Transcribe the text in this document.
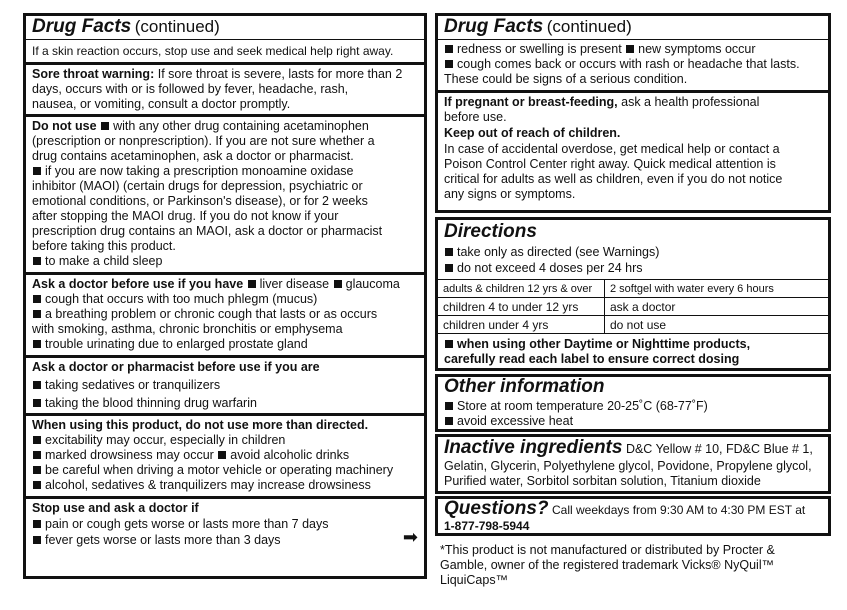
Drug Facts (continued)
If a skin reaction occurs, stop use and seek medical help right away.
Sore throat warning: If sore throat is severe, lasts for more than 2
days, occurs with or is followed by fever, headache, rash,
nausea, or vomiting, consult a doctor promptly.
Do not use with any other drug containing acetaminophen
(prescription or nonprescription). If you are not sure whether a
drug contains acetaminophen, ask a doctor or pharmacist.
if you are now taking a prescription monoamine oxidase
inhibitor (MAOI) (certain drugs for depression, psychiatric or
emotional conditions, or Parkinson's disease), or for 2 weeks
after stopping the MAOI drug. If you do not know if your
prescription drug contains an MAOI, ask a doctor or pharmacist
before taking this product.
to make a child sleep
Ask a doctor before use if you have liver disease glaucoma
cough that occurs with too much phlegm (mucus)
a breathing problem or chronic cough that lasts or as occurs
with smoking, asthma, chronic bronchitis or emphysema
trouble urinating due to enlarged prostate gland
Ask a doctor or pharmacist before use if you are
taking sedatives or tranquilizers
taking the blood thinning drug warfarin
When using this product, do not use more than directed.
excitability may occur, especially in children
marked drowsiness may occur avoid alcoholic drinks
be careful when driving a motor vehicle or operating machinery
alcohol, sedatives & tranquilizers may increase drowsiness
Stop use and ask a doctor if
pain or cough gets worse or lasts more than 7 days
fever gets worse or lasts more than 3 days	➡
Drug Facts (continued)
redness or swelling is present new symptoms occur
cough comes back or occurs with rash or headache that lasts.
These could be signs of a serious condition.
If pregnant or breast-feeding, ask a health professional
before use.
Keep out of reach of children.
In case of accidental overdose, get medical help or contact a
Poison Control Center right away. Quick medical attention is
critical for adults as well as children, even if you do not notice
any signs or symptoms.
Directions
take only as directed (see Warnings)
do not exceed 4 doses per 24 hrs
adults & children 12 yrs & over 2 softgel with water every 6 hours
children 4 to under 12 yrs	ask a doctor
children under 4 yrs	do not use
when using other Daytime or Nighttime products,
carefully read each label to ensure correct dosing
Other information
Store at room temperature 20-25˚C (68-77˚F)
avoid excessive heat
Inactive ingredients D&C Yellow # 10, FD&C Blue # 1,
Gelatin, Glycerin, Polyethylene glycol, Povidone, Propylene glycol,
Purified water, Sorbitol sorbitan solution, Titanium dioxide
Questions? Call weekdays from 9:30 AM to 4:30 PM EST at
1-877-798-5944
*This product is not manufactured or distributed by Procter &
Gamble, owner of the registered trademark Vicks® NyQuil™
LiquiCaps™
